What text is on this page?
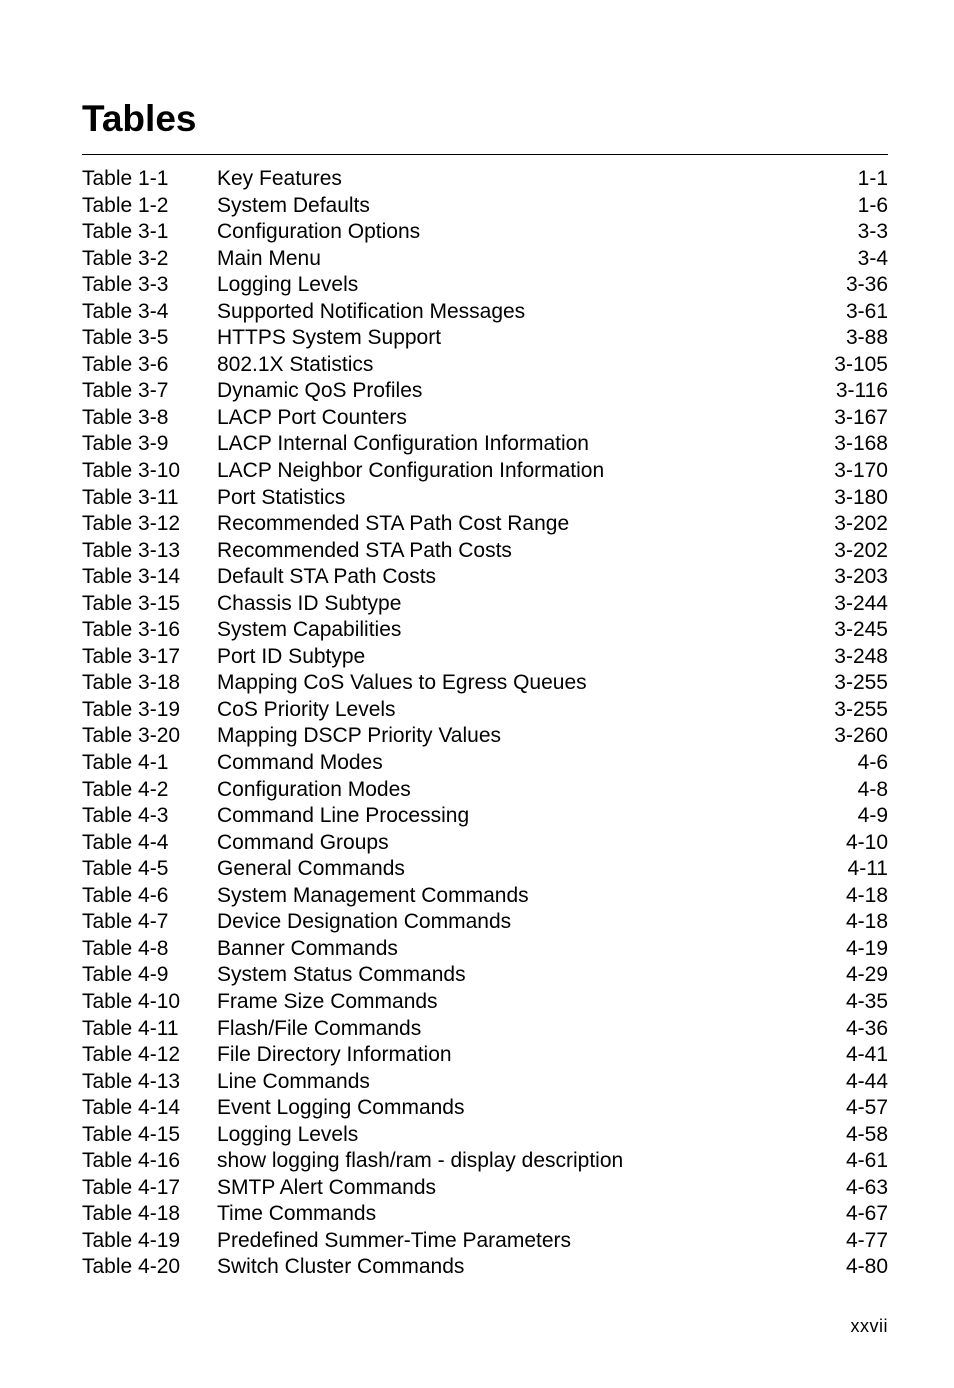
Tables
Table 1-1	Key Features	1-1
Table 1-2	System Defaults	1-6
Table 3-1	Configuration Options	3-3
Table 3-2	Main Menu	3-4
Table 3-3	Logging Levels	3-36
Table 3-4	Supported Notification Messages	3-61
Table 3-5	HTTPS System Support	3-88
Table 3-6	802.1X Statistics	3-105
Table 3-7	Dynamic QoS Profiles	3-116
Table 3-8	LACP Port Counters	3-167
Table 3-9	LACP Internal Configuration Information	3-168
Table 3-10	LACP Neighbor Configuration Information	3-170
Table 3-11	Port Statistics	3-180
Table 3-12	Recommended STA Path Cost Range	3-202
Table 3-13	Recommended STA Path Costs	3-202
Table 3-14	Default STA Path Costs	3-203
Table 3-15	Chassis ID Subtype	3-244
Table 3-16	System Capabilities	3-245
Table 3-17	Port ID Subtype	3-248
Table 3-18	Mapping CoS Values to Egress Queues	3-255
Table 3-19	CoS Priority Levels	3-255
Table 3-20	Mapping DSCP Priority Values	3-260
Table 4-1	Command Modes	4-6
Table 4-2	Configuration Modes	4-8
Table 4-3	Command Line Processing	4-9
Table 4-4	Command Groups	4-10
Table 4-5	General Commands	4-11
Table 4-6	System Management Commands	4-18
Table 4-7	Device Designation Commands	4-18
Table 4-8	Banner Commands	4-19
Table 4-9	System Status Commands	4-29
Table 4-10	Frame Size Commands	4-35
Table 4-11	Flash/File Commands	4-36
Table 4-12	File Directory Information	4-41
Table 4-13	Line Commands	4-44
Table 4-14	Event Logging Commands	4-57
Table 4-15	Logging Levels	4-58
Table 4-16	show logging flash/ram - display description	4-61
Table 4-17	SMTP Alert Commands	4-63
Table 4-18	Time Commands	4-67
Table 4-19	Predefined Summer-Time Parameters	4-77
Table 4-20	Switch Cluster Commands	4-80
xxvii
